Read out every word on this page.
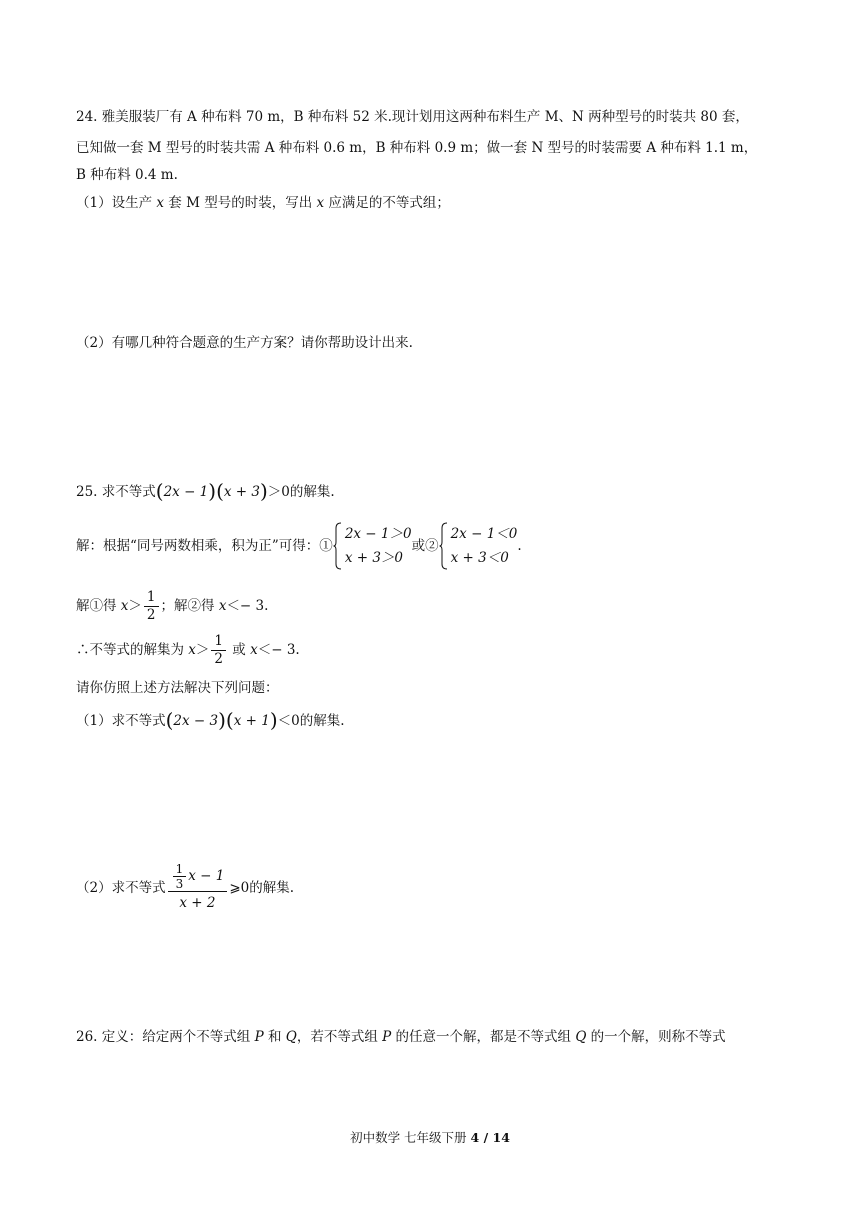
24. 雅美服装厂有 A 种布料 70 m，B 种布料 52 米.现计划用这两种布料生产 M、N 两种型号的时装共 80 套，
已知做一套 M 型号的时装共需 A 种布料 0.6 m，B 种布料 0.9 m；做一套 N 型号的时装需要 A 种布料 1.1 m，
B 种布料 0.4 m.
（1）设生产 x 套 M 型号的时装，写出 x 应满足的不等式组；
（2）有哪几种符合题意的生产方案？请你帮助设计出来.
25. 求不等式(2x − 1)(x + 3)＞0的解集.
解：根据“同号两数相乘，积为正”可得：①
2x − 1＞0
x + 3＞0
或②
2x − 1＜0
x + 3＜0
.
解①得 $x> \frac{1}{2}$ ；解②得 x＜− 3.
∴不等式的解集为 $x> \frac{1}{2}$ 或 x＜− 3.
请你仿照上述方法解决下列问题：
（1）求不等式(2x − 3)(x + 1)＜0的解集.
（2）求不等式 $\frac{\frac{1}{3} x - 1}{x + 2}$ ⩾0的解集.
26. 定义：给定两个不等式组 P 和 Q，若不等式组 P 的任意一个解，都是不等式组 Q 的一个解，则称不等式
初中数学 七年级下册 4 / 14
